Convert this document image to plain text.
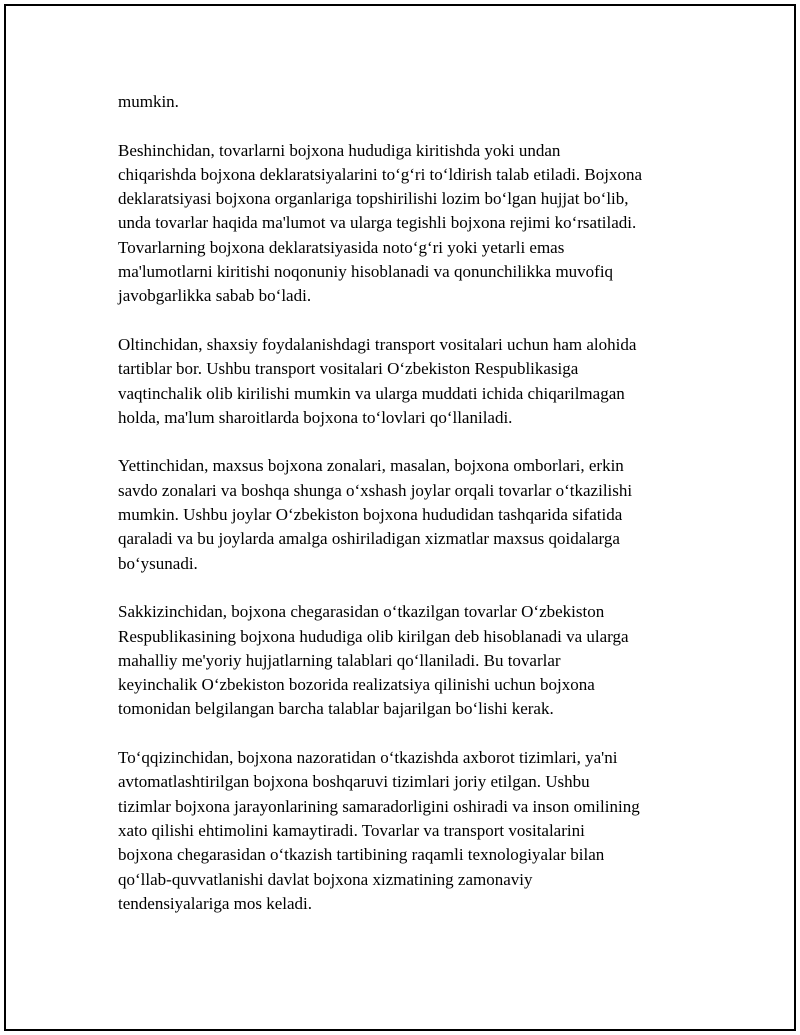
mumkin.

Beshinchidan, tovarlarni bojxona hududiga kiritishda yoki undan
chiqarishda bojxona deklaratsiyalarini to‘g‘ri to‘ldirish talab etiladi. Bojxona
deklaratsiyasi bojxona organlariga topshirilishi lozim bo‘lgan hujjat bo‘lib,
unda tovarlar haqida ma'lumot va ularga tegishli bojxona rejimi ko‘rsatiladi.
Tovarlarning bojxona deklaratsiyasida noto‘g‘ri yoki yetarli emas
ma'lumotlarni kiritishi noqonuniy hisoblanadi va qonunchilikka muvofiq
javobgarlikka sabab bo‘ladi.

Oltinchidan, shaxsiy foydalanishdagi transport vositalari uchun ham alohida
tartiblar bor. Ushbu transport vositalari O‘zbekiston Respublikasiga
vaqtinchalik olib kirilishi mumkin va ularga muddati ichida chiqarilmagan
holda, ma'lum sharoitlarda bojxona to‘lovlari qo‘llaniladi.

Yettinchidan, maxsus bojxona zonalari, masalan, bojxona omborlari, erkin
savdo zonalari va boshqa shunga o‘xshash joylar orqali tovarlar o‘tkazilishi
mumkin. Ushbu joylar O‘zbekiston bojxona hududidan tashqarida sifatida
qaraladi va bu joylarda amalga oshiriladigan xizmatlar maxsus qoidalarga
bo‘ysunadi.

Sakkizinchidan, bojxona chegarasidan o‘tkazilgan tovarlar O‘zbekiston
Respublikasining bojxona hududiga olib kirilgan deb hisoblanadi va ularga
mahalliy me'yoriy hujjatlarning talablari qo‘llaniladi. Bu tovarlar
keyinchalik O‘zbekiston bozorida realizatsiya qilinishi uchun bojxona
tomonidan belgilangan barcha talablar bajarilgan bo‘lishi kerak.

To‘qqizinchidan, bojxona nazoratidan o‘tkazishda axborot tizimlari, ya'ni
avtomatlashtirilgan bojxona boshqaruvi tizimlari joriy etilgan. Ushbu
tizimlar bojxona jarayonlarining samaradorligini oshiradi va inson omilining
xato qilishi ehtimolini kamaytiradi. Tovarlar va transport vositalarini
bojxona chegarasidan o‘tkazish tartibining raqamli texnologiyalar bilan
qo‘llab-quvvatlanishi davlat bojxona xizmatining zamonaviy
tendensiyalariga mos keladi.
